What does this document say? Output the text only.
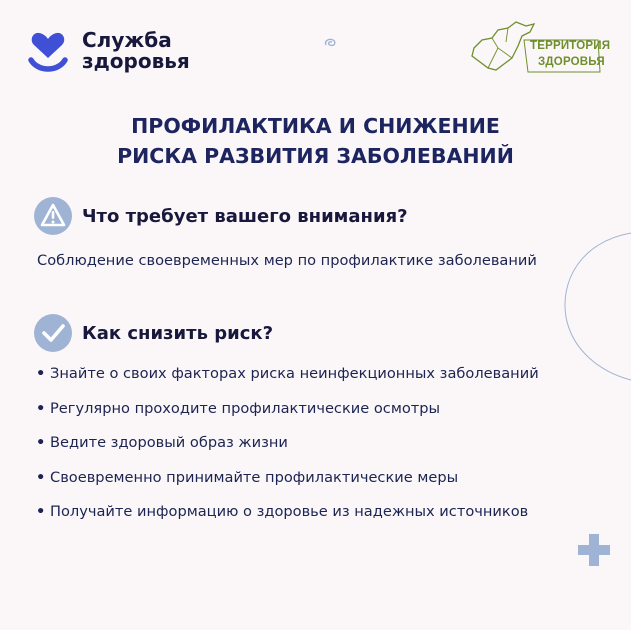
Служба
здоровья
ТЕРРИТОРИЯ
ЗДОРОВЬЯ
ПРОФИЛАКТИКА И СНИЖЕНИЕ
РИСКА РАЗВИТИЯ ЗАБОЛЕВАНИЙ
Что требует вашего внимания?
Соблюдение своевременных мер по профилактике заболеваний
Как снизить риск?
• Знайте о своих факторах риска неинфекционных заболеваний
• Регулярно проходите профилактические осмотры
• Ведите здоровый образ жизни
• Своевременно принимайте профилактические меры
• Получайте информацию о здоровье из надежных источников
